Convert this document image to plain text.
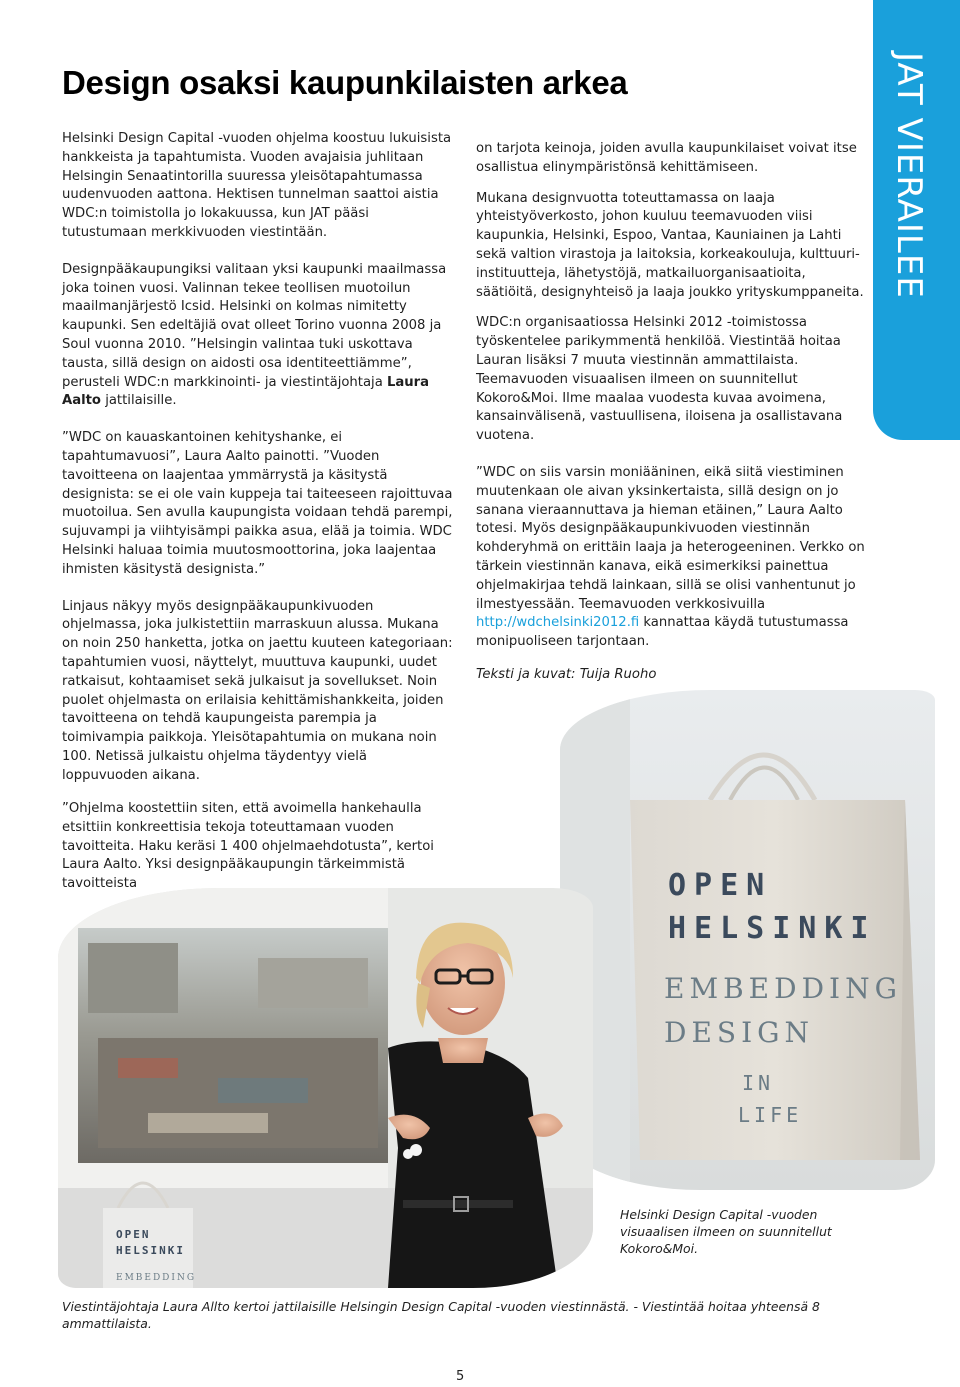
JAT VIERAILEE
Design osaksi kaupunkilaisten arkea

Helsinki Design Capital -vuoden ohjelma koostuu lukuisista hankkeista ja tapahtumista. Vuoden avajaisia juhlitaan Helsingin Senaatintorilla suuressa yleisötapahtumassa uudenvuoden aattona. Hektisen tunnelman saattoi aistia WDC:n toimistolla jo lokakuussa, kun JAT pääsi tutustumaan merkkivuoden viestintään.

Designpääkaupungiksi valitaan yksi kaupunki maailmassa joka toinen vuosi. Valinnan tekee teollisen muotoilun maailmanjärjestö Icsid. Helsinki on kolmas nimitetty kaupunki. Sen edeltäjiä ovat olleet Torino vuonna 2008 ja Soul vuonna 2010. ”Helsingin valintaa tuki uskottava tausta, sillä design on aidosti osa identiteettiämme”, perusteli WDC:n markkinointi- ja viestintäjohtaja Laura Aalto jattilaisille.

”WDC on kauaskantoinen kehityshanke, ei tapahtumavuosi”, Laura Aalto painotti. ”Vuoden tavoitteena on laajentaa ymmärrystä ja käsitystä designista: se ei ole vain kuppeja tai taiteeseen rajoittuvaa muotoilua. Sen avulla kaupungista voidaan tehdä parempi, sujuvampi ja viihtyisämpi paikka asua, elää ja toimia. WDC Helsinki haluaa toimia muutosmoottorina, joka laajentaa ihmisten käsitystä designista.”

Linjaus näkyy myös designpääkaupunkivuoden ohjelmassa, joka julkistettiin marraskuun alussa. Mukana on noin 250 hanketta, jotka on jaettu kuuteen kategoriaan: tapahtumien vuosi, näyttelyt, muuttuva kaupunki, uudet ratkaisut, kohtaamiset sekä julkaisut ja sovellukset. Noin puolet ohjelmasta on erilaisia kehittämishankkeita, joiden tavoitteena on tehdä kaupungeista parempia ja toimivampia paikkoja. Yleisötapahtumia on mukana noin 100. Netissä julkaistu ohjelma täydentyy vielä loppuvuoden aikana.

”Ohjelma koostettiin siten, että avoimella hankehaulla etsittiin konkreettisia tekoja toteuttamaan vuoden tavoitteita. Haku keräsi 1 400 ohjelmaehdotusta”, kertoi Laura Aalto. Yksi designpääkaupungin tärkeimmistä tavoitteista

on tarjota keinoja, joiden avulla kaupunkilaiset voivat itse osallistua elinympäristönsä kehittämiseen.

Mukana designvuotta toteuttamassa on laaja yhteistyöverkosto, johon kuuluu teemavuoden viisi kaupunkia, Helsinki, Espoo, Vantaa, Kauniainen ja Lahti sekä valtion virastoja ja laitoksia, korkeakouluja, kulttuuri-instituutteja, lähetystöjä, matkailuorganisaatioita, säätiöitä, designyhteisö ja laaja joukko yrityskumppaneita.

WDC:n organisaatiossa Helsinki 2012 -toimistossa työskentelee parikymmentä henkilöä. Viestintää hoitaa Lauran lisäksi 7 muuta viestinnän ammattilaista. Teemavuoden visuaalisen ilmeen on suunnitellut Kokoro&Moi. Ilme maalaa vuodesta kuvaa avoimena, kansainvälisenä, vastuullisena, iloisena ja osallistavana vuotena.

”WDC on siis varsin moniääninen, eikä siitä viestiminen muutenkaan ole aivan yksinkertaista, sillä design on jo sanana vieraannuttava ja hieman etäinen,” Laura Aalto totesi. Myös designpääkaupunkivuoden viestinnän kohderyhmä on erittäin laaja ja heterogeeninen. Verkko on tärkein viestinnän kanava, eikä esimerkiksi painettua ohjelmakirjaa tehdä lainkaan, sillä se olisi vanhentunut jo ilmestyessään. Teemavuoden verkkosivuilla http://wdchelsinki2012.fi kannattaa käydä tutustumassa monipuoliseen tarjontaan.

Teksti ja kuvat: Tuija Ruoho

OPEN
HELSINKI
EMBEDDING
DESIGN
IN
LIFE
OPEN
HELSINKI
EMBEDDING
Helsinki Design Capital -vuoden visuaalisen ilmeen on suunnitellut Kokoro&Moi.
Viestintäjohtaja Laura Allto kertoi jattilaisille Helsingin Design Capital -vuoden viestinnästä. - Viestintää hoitaa yhteensä 8 ammattilaista.
5
